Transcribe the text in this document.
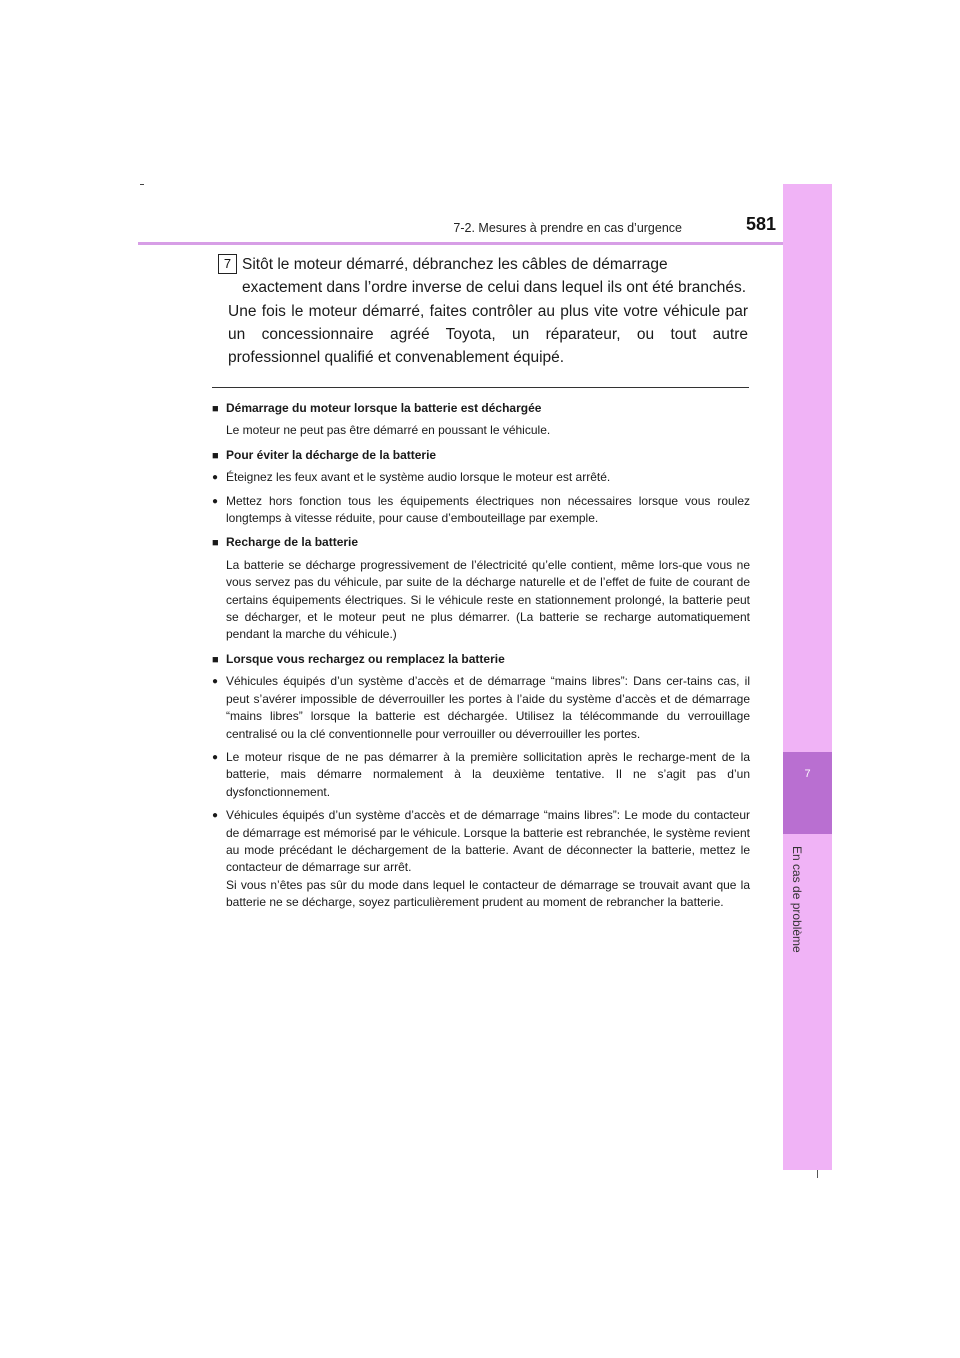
7-2. Mesures à prendre en cas d’urgence	581
7
En cas de problème
7 Sitôt le moteur démarré, débranchez les câbles de démarrage exactement dans l’ordre inverse de celui dans lequel ils ont été branchés.
Une fois le moteur démarré, faites contrôler au plus vite votre véhicule par un concessionnaire agréé Toyota, un réparateur, ou tout autre professionnel qualifié et convenablement équipé.
■ Démarrage du moteur lorsque la batterie est déchargée
Le moteur ne peut pas être démarré en poussant le véhicule.
■ Pour éviter la décharge de la batterie
● Éteignez les feux avant et le système audio lorsque le moteur est arrêté.
● Mettez hors fonction tous les équipements électriques non nécessaires lorsque vous roulez longtemps à vitesse réduite, pour cause d’embouteillage par exemple.
■ Recharge de la batterie
La batterie se décharge progressivement de l’électricité qu’elle contient, même lors-que vous ne vous servez pas du véhicule, par suite de la décharge naturelle et de l’effet de fuite de courant de certains équipements électriques. Si le véhicule reste en stationnement prolongé, la batterie peut se décharger, et le moteur peut ne plus démarrer. (La batterie se recharge automatiquement pendant la marche du véhicule.)
■ Lorsque vous rechargez ou remplacez la batterie
● Véhicules équipés d’un système d’accès et de démarrage “mains libres”: Dans cer-tains cas, il peut s’avérer impossible de déverrouiller les portes à l’aide du système d’accès et de démarrage “mains libres” lorsque la batterie est déchargée. Utilisez la télécommande du verrouillage centralisé ou la clé conventionnelle pour verrouiller ou déverrouiller les portes.
● Le moteur risque de ne pas démarrer à la première sollicitation après le recharge-ment de la batterie, mais démarre normalement à la deuxième tentative. Il ne s’agit pas d’un dysfonctionnement.
● Véhicules équipés d’un système d’accès et de démarrage “mains libres”: Le mode du contacteur de démarrage est mémorisé par le véhicule. Lorsque la batterie est rebranchée, le système revient au mode précédant le déchargement de la batterie. Avant de déconnecter la batterie, mettez le contacteur de démarrage sur arrêt.
Si vous n’êtes pas sûr du mode dans lequel le contacteur de démarrage se trouvait avant que la batterie ne se décharge, soyez particulièrement prudent au moment de rebrancher la batterie.
